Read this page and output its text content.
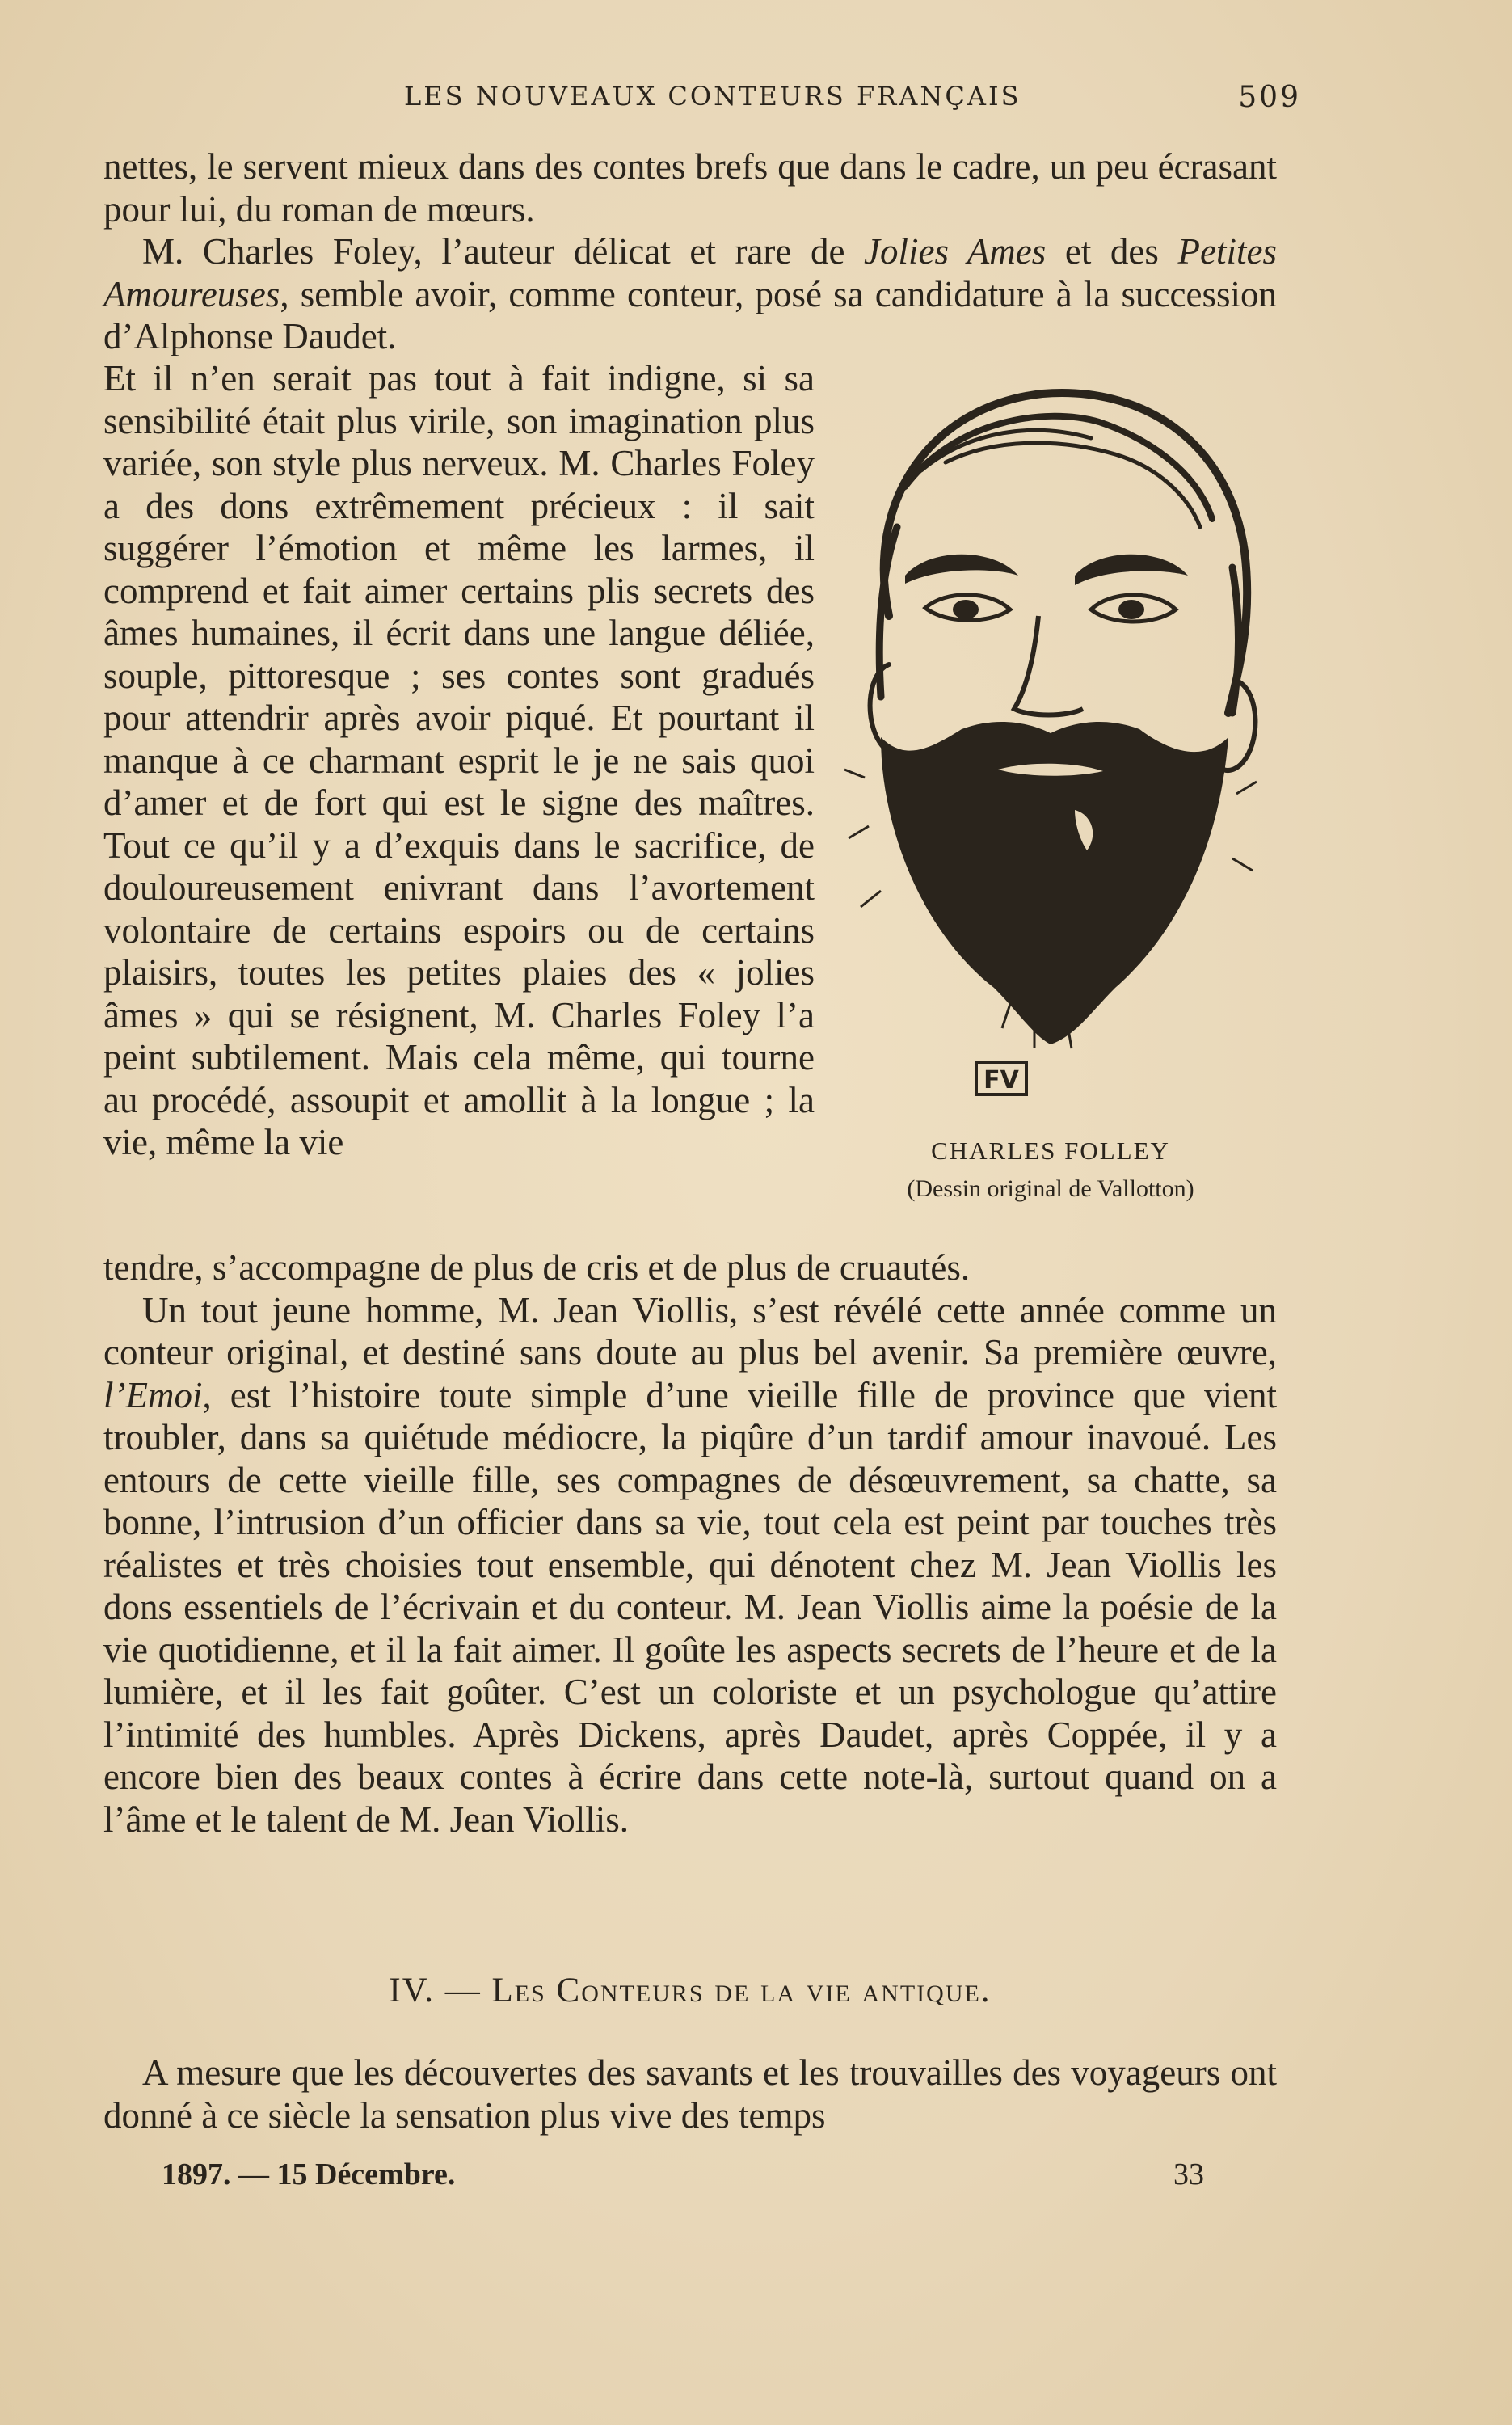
LES NOUVEAUX CONTEURS FRANÇAIS	509

nettes, le servent mieux dans des contes brefs que dans le cadre, un peu écrasant pour lui, du roman de mœurs.

M. Charles Foley, l’auteur délicat et rare de Jolies Ames et des Petites Amoureuses, semble avoir, comme conteur, posé sa candidature à la succession d’Alphonse Daudet.

Et il n’en serait pas tout à fait indigne, si sa sensibilité était plus virile, son imagination plus variée, son style plus nerveux. M. Charles Foley a des dons extrêmement précieux : il sait suggérer l’émotion et même les larmes, il comprend et fait aimer certains plis secrets des âmes humaines, il écrit dans une langue déliée, souple, pittoresque ; ses contes sont gradués pour attendrir après avoir piqué. Et pourtant il manque à ce charmant esprit le je ne sais quoi d’amer et de fort qui est le signe des maîtres. Tout ce qu’il y a d’exquis dans le sacrifice, de douloureusement enivrant dans l’avortement volontaire de certains espoirs ou de certains plaisirs, toutes les petites plaies des « jolies âmes » qui se résignent, M. Charles Foley l’a peint subtilement. Mais cela même, qui tourne au procédé, assoupit et amollit à la longue ; la vie, même la vie

FV
CHARLES FOLLEY
(Dessin original de Vallotton)

tendre, s’accompagne de plus de cris et de plus de cruautés.

Un tout jeune homme, M. Jean Viollis, s’est révélé cette année comme un conteur original, et destiné sans doute au plus bel avenir. Sa première œuvre, l’Emoi, est l’histoire toute simple d’une vieille fille de province que vient troubler, dans sa quiétude médiocre, la piqûre d’un tardif amour inavoué. Les entours de cette vieille fille, ses compagnes de désœuvrement, sa chatte, sa bonne, l’intrusion d’un officier dans sa vie, tout cela est peint par touches très réalistes et très choisies tout ensemble, qui dénotent chez M. Jean Viollis les dons essentiels de l’écrivain et du conteur. M. Jean Viollis aime la poésie de la vie quotidienne, et il la fait aimer. Il goûte les aspects secrets de l’heure et de la lumière, et il les fait goûter. C’est un coloriste et un psychologue qu’attire l’intimité des humbles. Après Dickens, après Daudet, après Coppée, il y a encore bien des beaux contes à écrire dans cette note-là, surtout quand on a l’âme et le talent de M. Jean Viollis.

IV. — Les Conteurs de la vie antique.

A mesure que les découvertes des savants et les trouvailles des voyageurs ont donné à ce siècle la sensation plus vive des temps

1897. — 15 Décembre.	33
